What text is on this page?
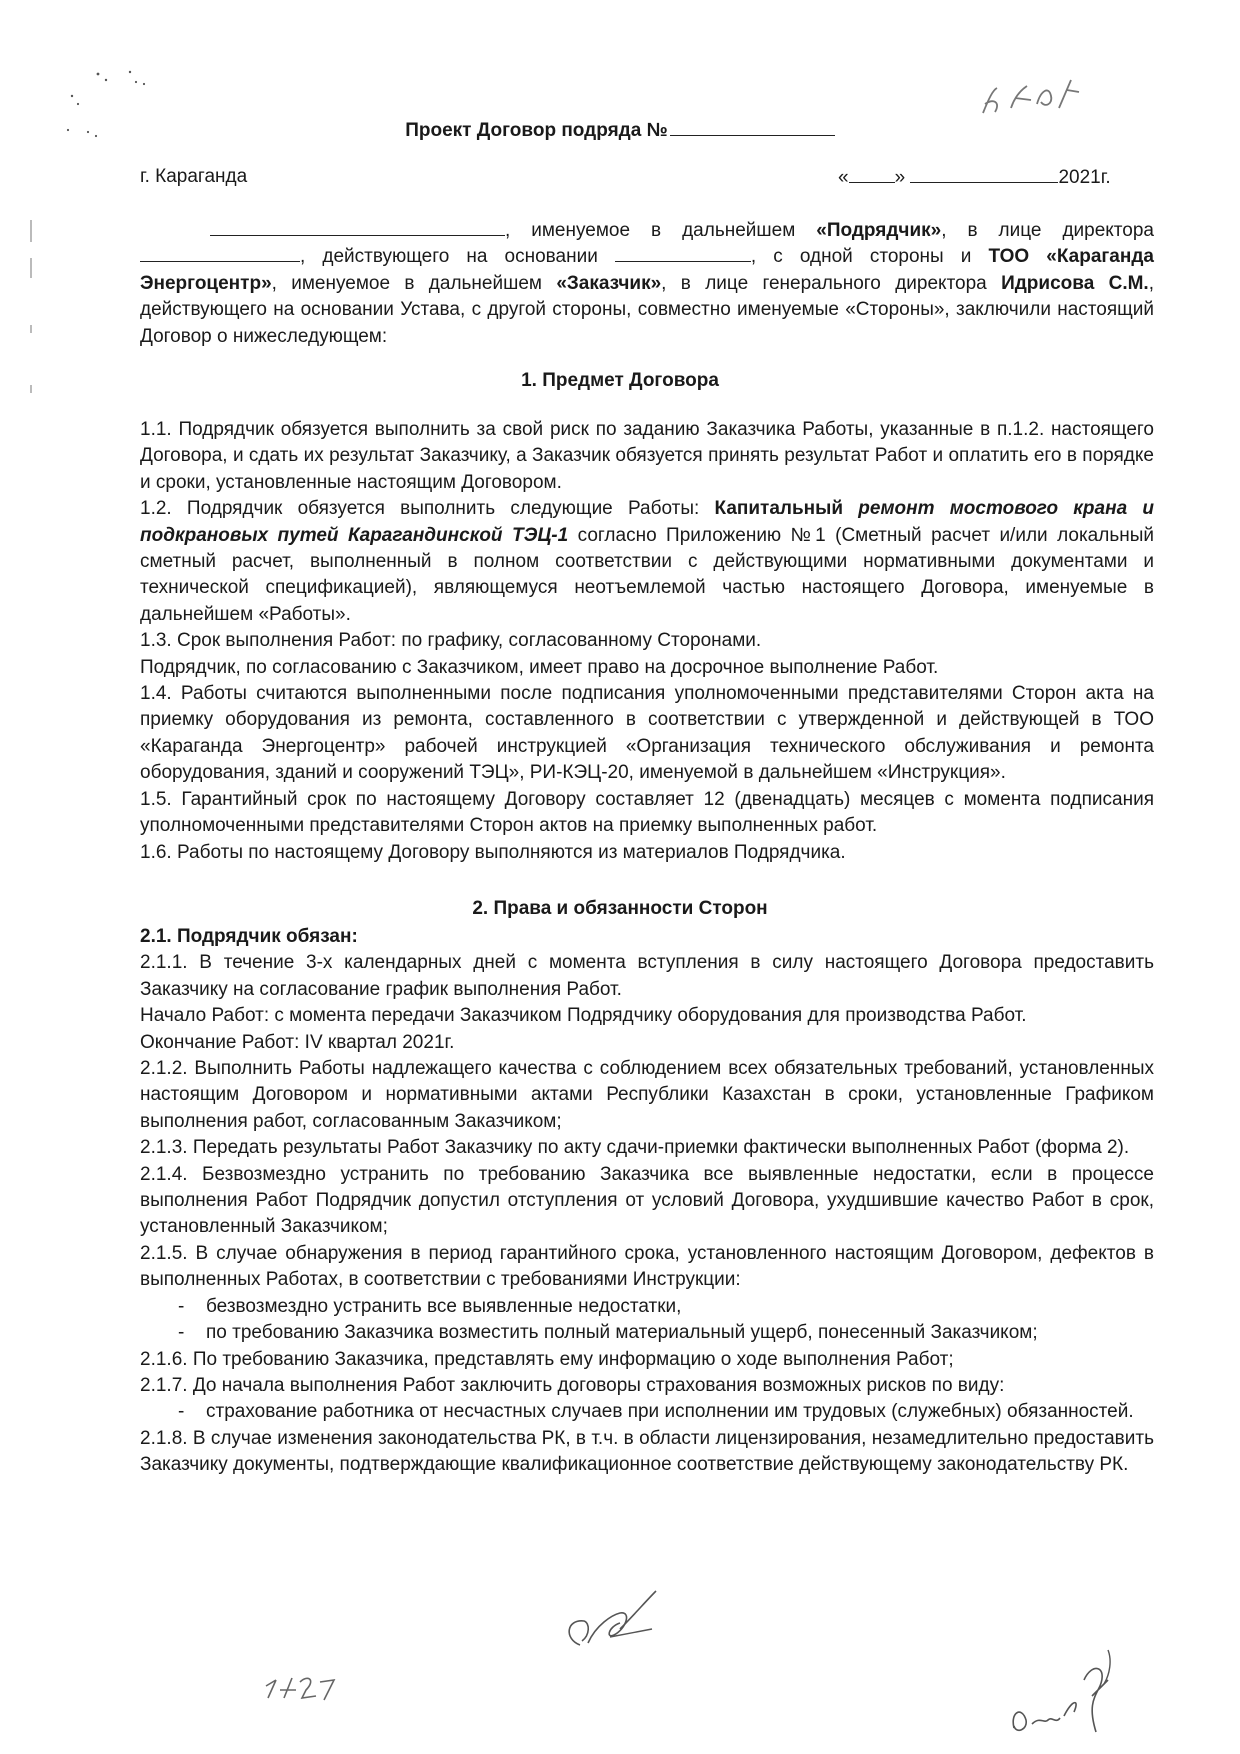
Проект Договор подряда №
г. Караганда	« »	2021г.

, именуемое в дальнейшем «Подрядчик», в лице директора , действующего на основании	, с одной стороны и ТОО «Караганда Энергоцентр», именуемое в дальнейшем «Заказчик», в лице генерального директора Идрисова С.М., действующего на основании Устава, с другой стороны, совместно именуемые «Стороны», заключили настоящий Договор о нижеследующем:

1. Предмет Договора

1.1. Подрядчик обязуется выполнить за свой риск по заданию Заказчика Работы, указанные в п.1.2. настоящего Договора, и сдать их результат Заказчику, а Заказчик обязуется принять результат Работ и оплатить его в порядке и сроки, установленные настоящим Договором.

1.2. Подрядчик обязуется выполнить следующие Работы: Капитальный ремонт мостового крана и подкрановых путей Карагандинской ТЭЦ-1 согласно Приложению №1 (Сметный расчет и/или локальный сметный расчет, выполненный в полном соответствии с действующими нормативными документами и технической спецификацией), являющемуся неотъемлемой частью настоящего Договора, именуемые в дальнейшем «Работы».

1.3. Срок выполнения Работ: по графику, согласованному Сторонами.

Подрядчик, по согласованию с Заказчиком, имеет право на досрочное выполнение Работ.

1.4. Работы считаются выполненными после подписания уполномоченными представителями Сторон акта на приемку оборудования из ремонта, составленного в соответствии с утвержденной и действующей в ТОО «Караганда Энергоцентр» рабочей инструкцией «Организация технического обслуживания и ремонта оборудования, зданий и сооружений ТЭЦ», РИ-КЭЦ-20, именуемой в дальнейшем «Инструкция».

1.5. Гарантийный срок по настоящему Договору составляет 12 (двенадцать) месяцев с момента подписания уполномоченными представителями Сторон актов на приемку выполненных работ.

1.6. Работы по настоящему Договору выполняются из материалов Подрядчика.

2. Права и обязанности Сторон

2.1. Подрядчик обязан:

2.1.1. В течение 3-х календарных дней с момента вступления в силу настоящего Договора предоставить Заказчику на согласование график выполнения Работ.

Начало Работ: с момента передачи Заказчиком Подрядчику оборудования для производства Работ.

Окончание Работ: IV квартал 2021г.

2.1.2. Выполнить Работы надлежащего качества с соблюдением всех обязательных требований, установленных настоящим Договором и нормативными актами Республики Казахстан в сроки, установленные Графиком выполнения работ, согласованным Заказчиком;

2.1.3. Передать результаты Работ Заказчику по акту сдачи-приемки фактически выполненных Работ (форма 2).

2.1.4. Безвозмездно устранить по требованию Заказчика все выявленные недостатки, если в процессе выполнения Работ Подрядчик допустил отступления от условий Договора, ухудшившие качество Работ в срок, установленный Заказчиком;

2.1.5. В случае обнаружения в период гарантийного срока, установленного настоящим Договором, дефектов в выполненных Работах, в соответствии с требованиями Инструкции:

-	безвозмездно устранить все выявленные недостатки,
-	по требованию Заказчика возместить полный материальный ущерб, понесенный Заказчиком;

2.1.6. По требованию Заказчика, представлять ему информацию о ходе выполнения Работ;

2.1.7. До начала выполнения Работ заключить договоры страхования возможных рисков по виду:

-	страхование работника от несчастных случаев при исполнении им трудовых (служебных) обязанностей.

2.1.8. В случае изменения законодательства РК, в т.ч. в области лицензирования, незамедлительно предоставить Заказчику документы, подтверждающие квалификационное соответствие действующему законодательству РК.
